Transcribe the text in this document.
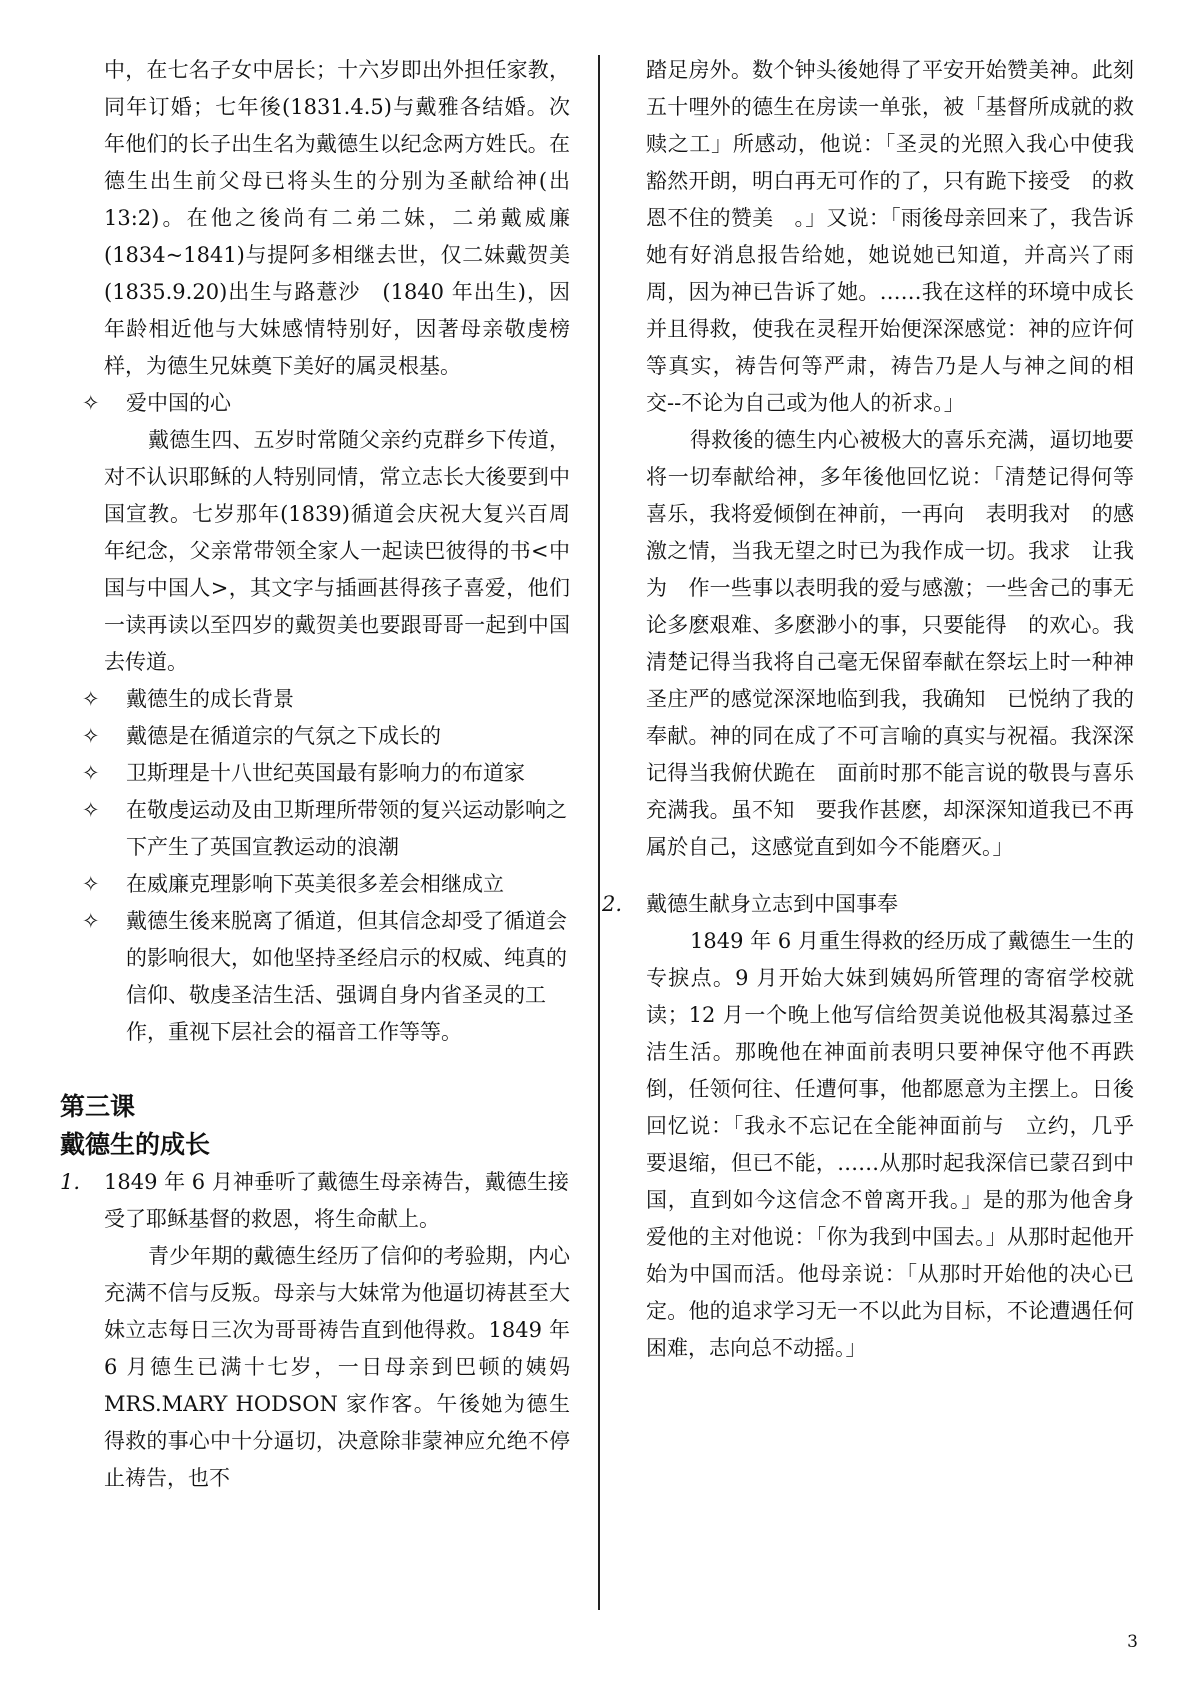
中，在七名子女中居长；十六岁即出外担任家教，同年订婚；七年後(1831.4.5)与戴雅各结婚。次年他们的长子出生名为戴德生以纪念两方姓氏。在德生出生前父母已将头生的分别为圣献给神(出 13:2)。在他之後尚有二弟二妹，二弟戴威廉(1834~1841)与提阿多相继去世，仅二妹戴贺美(1835.9.20)出生与路薏沙　(1840 年出生)，因年龄相近他与大妹感情特别好，因著母亲敬虔榜样，为德生兄妹奠下美好的属灵根基。

✧	爱中国的心

戴德生四、五岁时常随父亲约克群乡下传道，对不认识耶稣的人特别同情，常立志长大後要到中国宣教。七岁那年(1839)循道会庆祝大复兴百周年纪念，父亲常带领全家人一起读巴彼得的书<中国与中国人>，其文字与插画甚得孩子喜爱，他们一读再读以至四岁的戴贺美也要跟哥哥一起到中国去传道。

✧	戴德生的成长背景
✧	戴德是在循道宗的气氛之下成长的
✧	卫斯理是十八世纪英国最有影响力的布道家
✧	在敬虔运动及由卫斯理所带领的复兴运动影响之下产生了英国宣教运动的浪潮
✧	在威廉克理影响下英美很多差会相继成立
✧	戴德生後来脱离了循道，但其信念却受了循道会的影响很大，如他坚持圣经启示的权威、纯真的信仰、敬虔圣洁生活、强调自身内省圣灵的工作，重视下层社会的福音工作等等。

第三课

戴德生的成长

1.	1849 年 6 月神垂听了戴德生母亲祷告，戴德生接受了耶稣基督的救恩，将生命献上。

青少年期的戴德生经历了信仰的考验期，内心充满不信与反叛。母亲与大妹常为他逼切祷甚至大妹立志每日三次为哥哥祷告直到他得救。1849 年 6 月德生已满十七岁，一日母亲到巴顿的姨妈 MRS.MARY HODSON 家作客。午後她为德生得救的事心中十分逼切，决意除非蒙神应允绝不停止祷告，也不

踏足房外。数个钟头後她得了平安开始赞美神。此刻五十哩外的德生在房读一单张，被「基督所成就的救赎之工」所感动，他说：「圣灵的光照入我心中使我豁然开朗，明白再无可作的了，只有跪下接受　的救恩不住的赞美　。」又说：「雨後母亲回来了，我告诉她有好消息报告给她，她说她已知道，并高兴了雨周，因为神已告诉了她。……我在这样的环境中成长并且得救，使我在灵程开始便深深感觉：神的应许何等真实，祷告何等严肃，祷告乃是人与神之间的相交--不论为自己或为他人的祈求。」

得救後的德生内心被极大的喜乐充满，逼切地要将一切奉献给神，多年後他回忆说：「清楚记得何等喜乐，我将爱倾倒在神前，一再向　表明我对　的感激之情，当我无望之时已为我作成一切。我求　让我为　作一些事以表明我的爱与感激；一些舍己的事无论多麽艰难、多麽渺小的事，只要能得　的欢心。我清楚记得当我将自己毫无保留奉献在祭坛上时一种神圣庄严的感觉深深地临到我，我确知　已悦纳了我的奉献。神的同在成了不可言喻的真实与祝福。我深深记得当我俯伏跪在　面前时那不能言说的敬畏与喜乐充满我。虽不知　要我作甚麽，却深深知道我已不再属於自己，这感觉直到如今不能磨灭。」

2.	戴德生献身立志到中国事奉

1849 年 6 月重生得救的经历成了戴德生一生的专捩点。9 月开始大妹到姨妈所管理的寄宿学校就读；12 月一个晚上他写信给贺美说他极其渴慕过圣洁生活。那晚他在神面前表明只要神保守他不再跌倒，任领何往、任遭何事，他都愿意为主摆上。日後回忆说：「我永不忘记在全能神面前与　立约，几乎要退缩，但已不能，……从那时起我深信已蒙召到中国，直到如今这信念不曾离开我。」是的那为他舍身爱他的主对他说：「你为我到中国去。」从那时起他开始为中国而活。他母亲说：「从那时开始他的决心已定。他的追求学习无一不以此为目标，不论遭遇任何困难，志向总不动摇。」

3
